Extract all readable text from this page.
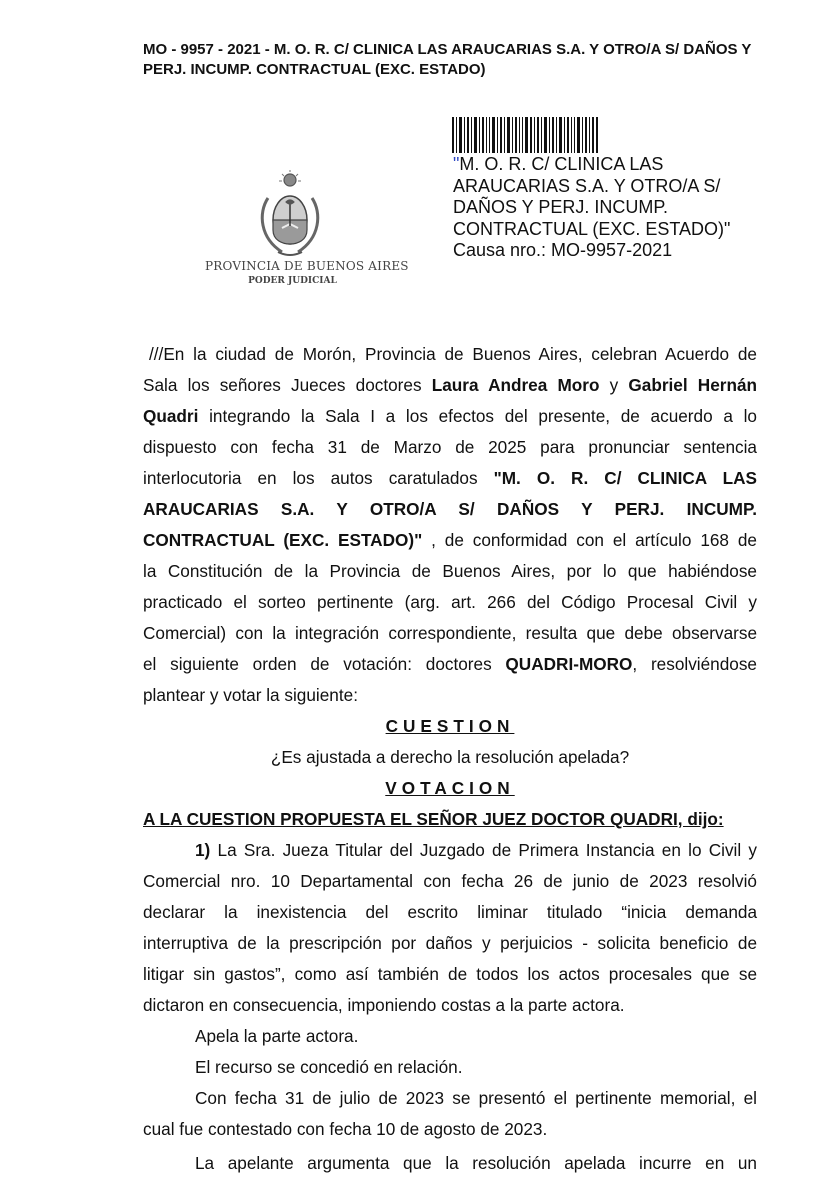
MO - 9957 - 2021 - M. O. R. C/ CLINICA LAS ARAUCARIAS S.A. Y OTRO/A S/ DAÑOS Y
PERJ. INCUMP. CONTRACTUAL (EXC. ESTADO)
"M. O. R. C/ CLINICA LAS
ARAUCARIAS S.A. Y OTRO/A S/
DAÑOS Y PERJ. INCUMP.
CONTRACTUAL (EXC. ESTADO)"
Causa nro.: MO-9957-2021
PROVINCIA DE BUENOS AIRES
PODER JUDICIAL
///En la ciudad de Morón, Provincia de Buenos Aires, celebran Acuerdo de
Sala los señores Jueces doctores Laura Andrea Moro y Gabriel Hernán
Quadri integrando la Sala I a los efectos del presente, de acuerdo a lo
dispuesto con fecha 31 de Marzo de 2025 para pronunciar sentencia
interlocutoria en los autos caratulados "M. O. R. C/ CLINICA LAS
ARAUCARIAS S.A. Y OTRO/A S/ DAÑOS Y PERJ. INCUMP.
CONTRACTUAL (EXC. ESTADO)" , de conformidad con el artículo 168 de
la Constitución de la Provincia de Buenos Aires, por lo que habiéndose
practicado el sorteo pertinente (arg. art. 266 del Código Procesal Civil y
Comercial) con la integración correspondiente, resulta que debe observarse
el siguiente orden de votación: doctores QUADRI-MORO, resolviéndose
plantear y votar la siguiente:
CUESTION
¿Es ajustada a derecho la resolución apelada?
VOTACION
A LA CUESTION PROPUESTA EL SEÑOR JUEZ DOCTOR QUADRI, dijo:
1) La Sra. Jueza Titular del Juzgado de Primera Instancia en lo Civil y
Comercial nro. 10 Departamental con fecha 26 de junio de 2023 resolvió
declarar la inexistencia del escrito liminar titulado “inicia demanda
interruptiva de la prescripción por daños y perjuicios - solicita beneficio de
litigar sin gastos”, como así también de todos los actos procesales que se
dictaron en consecuencia, imponiendo costas a la parte actora.
Apela la parte actora.
El recurso se concedió en relación.
Con fecha 31 de julio de 2023 se presentó el pertinente memorial, el
cual fue contestado con fecha 10 de agosto de 2023.
La apelante argumenta que la resolución apelada incurre en un
